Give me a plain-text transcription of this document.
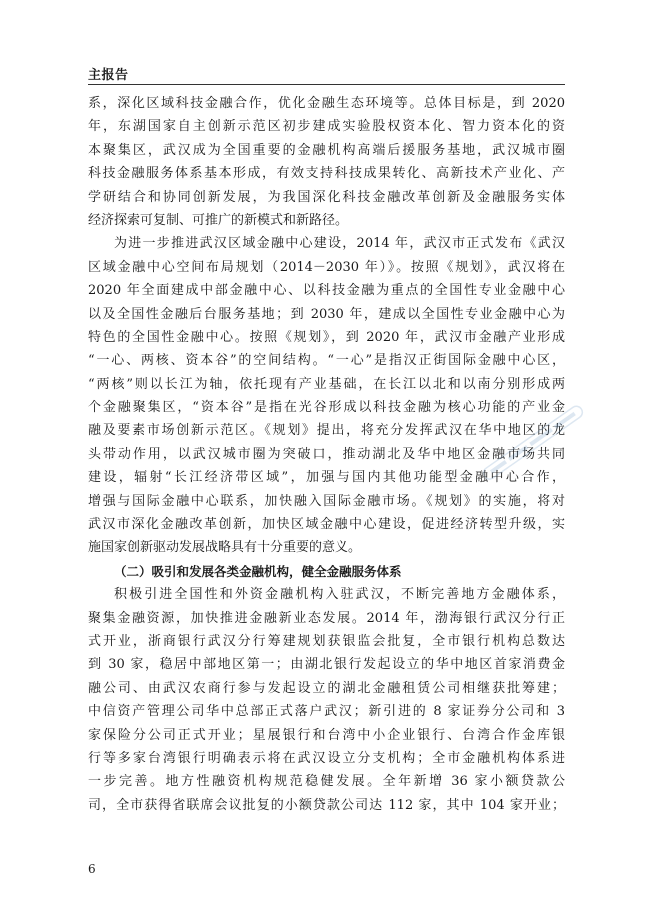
主报告
系，深化区域科技金融合作，优化金融生态环境等。总体目标是，到 2020
年，东湖国家自主创新示范区初步建成实验股权资本化、智力资本化的资
本聚集区，武汉成为全国重要的金融机构高端后援服务基地，武汉城市圈
科技金融服务体系基本形成，有效支持科技成果转化、高新技术产业化、产
学研结合和协同创新发展，为我国深化科技金融改革创新及金融服务实体
经济探索可复制、可推广的新模式和新路径。
为进一步推进武汉区域金融中心建设，2014 年，武汉市正式发布《武汉
区域金融中心空间布局规划（2014－2030 年）》。按照《规划》，武汉将在
2020 年全面建成中部金融中心、以科技金融为重点的全国性专业金融中心
以及全国性金融后台服务基地；到 2030 年，建成以全国性专业金融中心为
特色的全国性金融中心。按照《规划》，到 2020 年，武汉市金融产业形成
“一心、两核、资本谷”的空间结构。“一心”是指汉正街国际金融中心区，
“两核”则以长江为轴，依托现有产业基础，在长江以北和以南分别形成两
个金融聚集区，“资本谷”是指在光谷形成以科技金融为核心功能的产业金
融及要素市场创新示范区。《规划》提出，将充分发挥武汉在华中地区的龙
头带动作用，以武汉城市圈为突破口，推动湖北及华中地区金融市场共同
建设，辐射“长江经济带区域”，加强与国内其他功能型金融中心合作，
增强与国际金融中心联系，加快融入国际金融市场。《规划》的实施，将对
武汉市深化金融改革创新，加快区域金融中心建设，促进经济转型升级，实
施国家创新驱动发展战略具有十分重要的意义。
（二）吸引和发展各类金融机构，健全金融服务体系
积极引进全国性和外资金融机构入驻武汉，不断完善地方金融体系，
聚集金融资源，加快推进金融新业态发展。2014 年，渤海银行武汉分行正
式开业，浙商银行武汉分行筹建规划获银监会批复，全市银行机构总数达
到 30 家，稳居中部地区第一；由湖北银行发起设立的华中地区首家消费金
融公司、由武汉农商行参与发起设立的湖北金融租赁公司相继获批筹建；
中信资产管理公司华中总部正式落户武汉；新引进的 8 家证券分公司和 3
家保险分公司正式开业；星展银行和台湾中小企业银行、台湾合作金库银
行等多家台湾银行明确表示将在武汉设立分支机构；全市金融机构体系进
一步完善。地方性融资机构规范稳健发展。全年新增 36 家小额贷款公
司，全市获得省联席会议批复的小额贷款公司达 112 家，其中 104 家开业；
6
